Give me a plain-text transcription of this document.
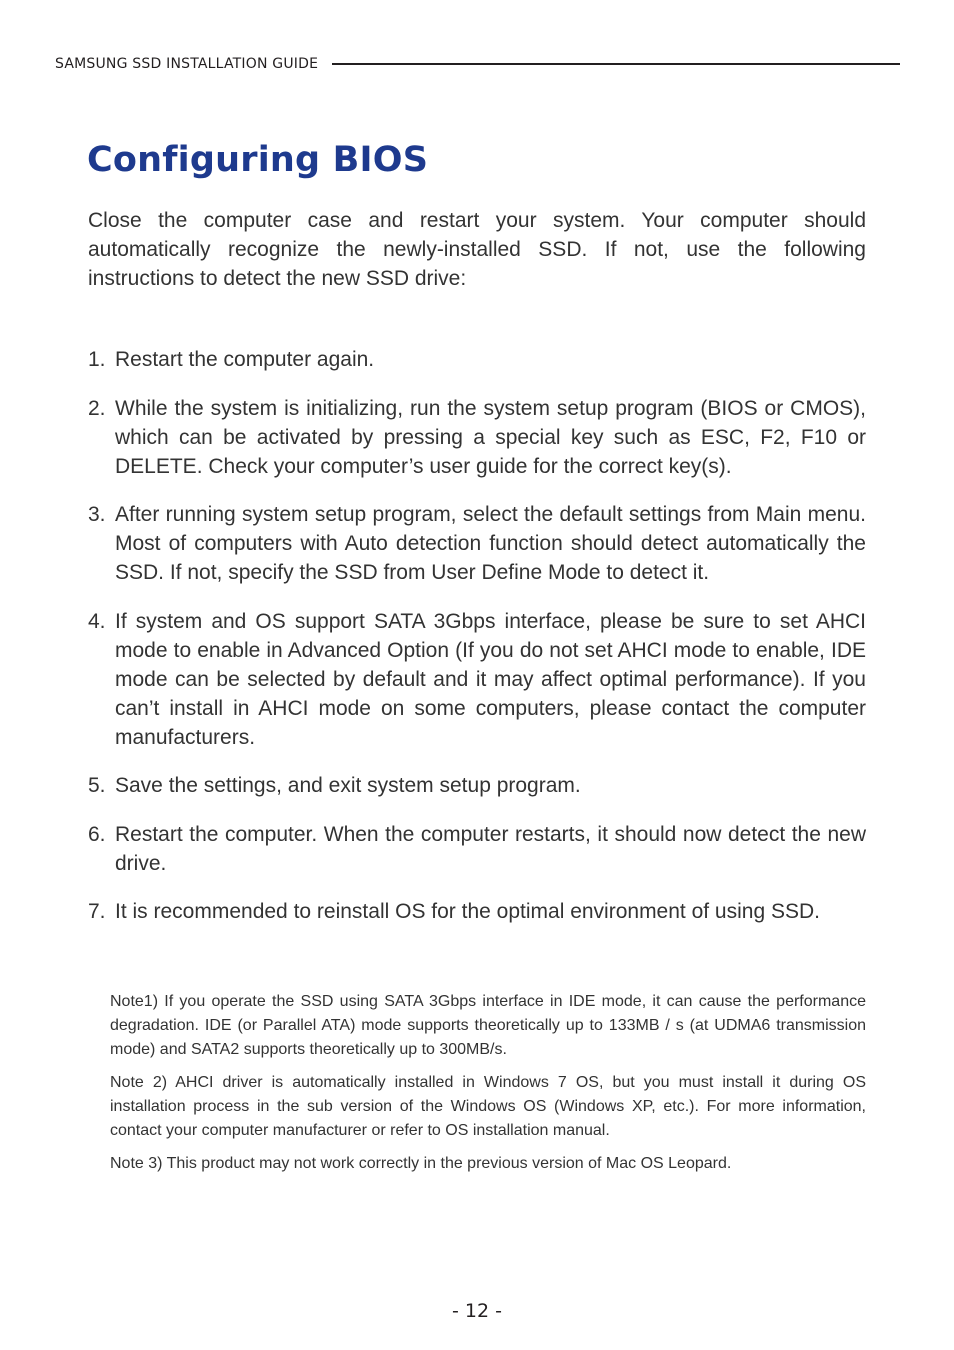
SAMSUNG SSD INSTALLATION GUIDE
Configuring BIOS

Close the computer case and restart your system. Your computer should automatically recognize the newly-installed SSD. If not, use the following instructions to detect the new SSD drive:

1. Restart the computer again.
2. While the system is initializing, run the system setup program (BIOS or CMOS), which can be activated by pressing a special key such as ESC, F2, F10 or DELETE. Check your computer’s user guide for the correct key(s).
3. After running system setup program, select the default settings from Main menu. Most of computers with Auto detection function should detect automatically the SSD. If not, specify the SSD from User Define Mode to detect it.
4. If system and OS support SATA 3Gbps interface, please be sure to set AHCI mode to enable in Advanced Option (If you do not set AHCI mode to enable, IDE mode can be selected by default and it may affect optimal performance). If you can’t install in AHCI mode on some computers, please contact the computer manufacturers.
5. Save the settings, and exit system setup program.
6. Restart the computer. When the computer restarts, it should now detect the new drive.
7. It is recommended to reinstall OS for the optimal environment of using SSD.

Note1) If you operate the SSD using SATA 3Gbps interface in IDE mode, it can cause the performance degradation. IDE (or Parallel ATA) mode supports theoretically up to 133MB / s (at UDMA6 transmission mode) and SATA2 supports theoretically up to 300MB/s.

Note 2) AHCI driver is automatically installed in Windows 7 OS, but you must install it during OS installation process in the sub version of the Windows OS (Windows XP, etc.). For more information, contact your computer manufacturer or refer to OS installation manual.

Note 3) This product may not work correctly in the previous version of Mac OS Leopard.

- 12 -
